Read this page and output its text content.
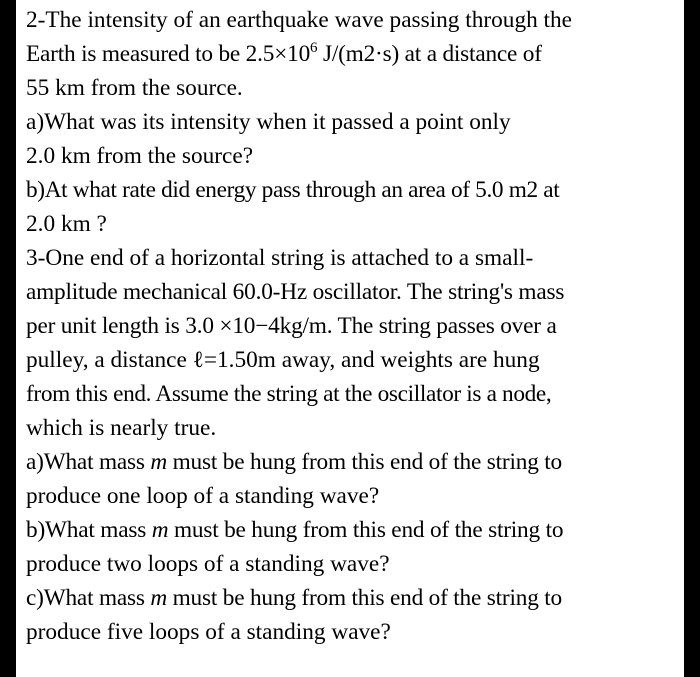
2-The intensity of an earthquake wave passing through the
Earth is measured to be $2.5\times 10^6$ J/(m2·s) at a distance of
55 km from the source.
a)What was its intensity when it passed a point only
2.0 km from the source?
b)At what rate did energy pass through an area of 5.0 m2 at
2.0 km ?
3-One end of a horizontal string is attached to a small-
amplitude mechanical 60.0-Hz oscillator. The string's mass
per unit length is 3.0 ×10−4kg/m. The string passes over a
pulley, a distance ℓ=1.50m away, and weights are hung
from this end. Assume the string at the oscillator is a node,
which is nearly true.
a)What mass m must be hung from this end of the string to
produce one loop of a standing wave?
b)What mass m must be hung from this end of the string to
produce two loops of a standing wave?
c)What mass m must be hung from this end of the string to
produce five loops of a standing wave?
